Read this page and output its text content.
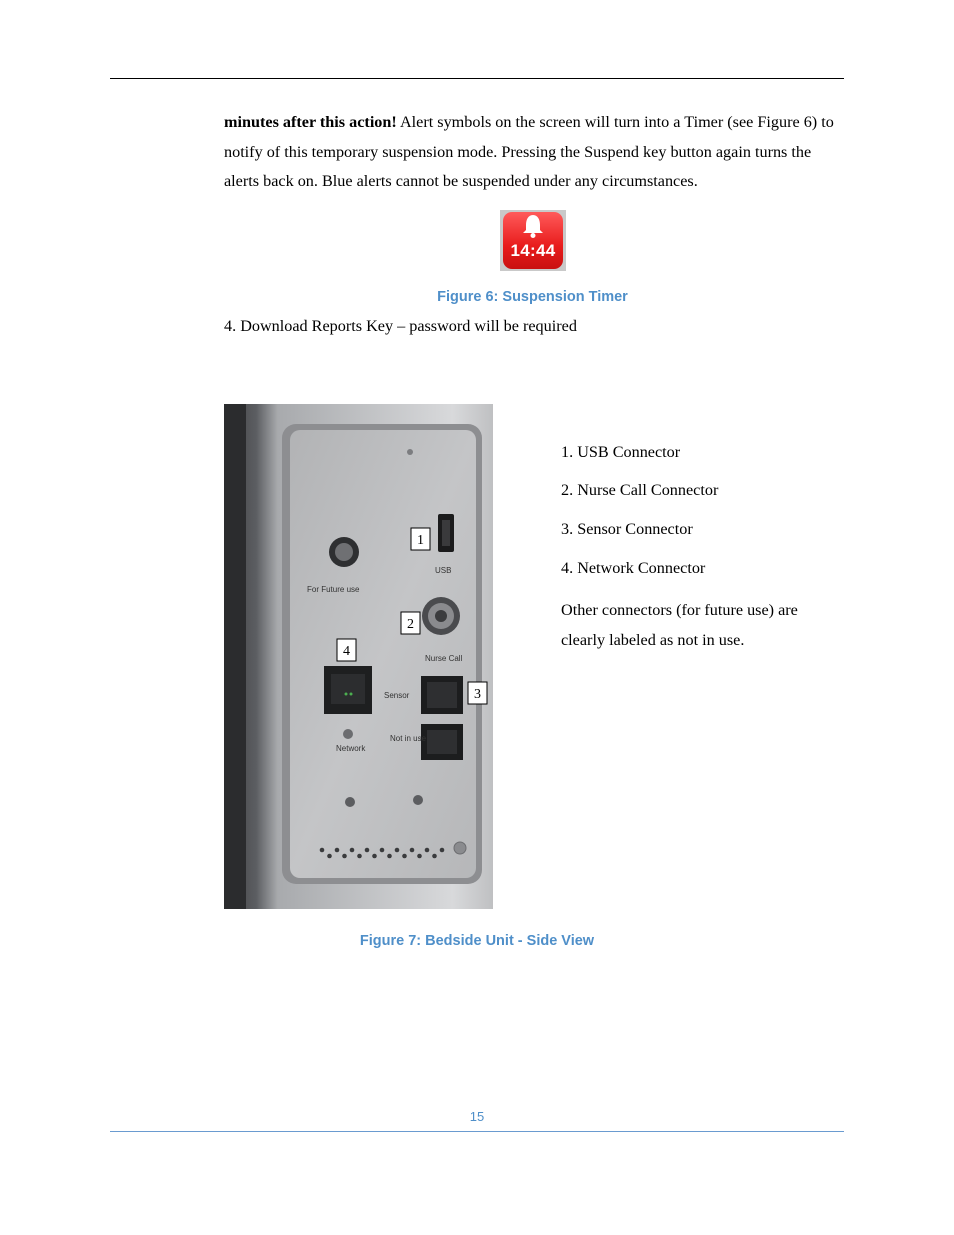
minutes after this action! Alert symbols on the screen will turn into a Timer (see Figure 6) to notify of this temporary suspension mode. Pressing the Suspend key button again turns the alerts back on. Blue alerts cannot be suspended under any circumstances.

14:44
Figure 6: Suspension Timer
4. Download Reports Key – password will be required
USB
For Future use
Nurse Call
Sensor
Network
Not in use
1
2
3
4
1. USB Connector
2. Nurse Call Connector
3. Sensor Connector
4. Network Connector
Other connectors (for future use) are clearly labeled as not in use.
Figure 7: Bedside Unit - Side View
15
